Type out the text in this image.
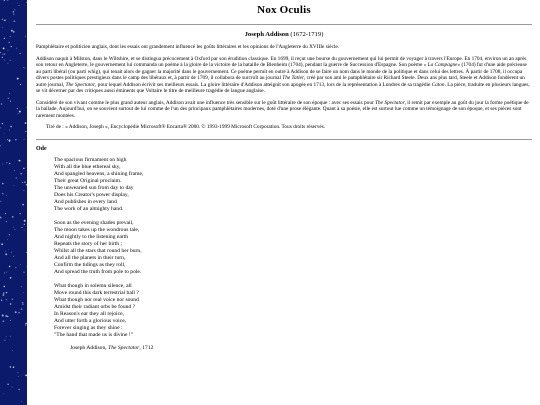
Nox Oculis
Joseph Addison (1672-1719)

Pamphlétaire et politicien anglais, dont les essais ont grandement influencé les goûts littéraires et les opinions de l'Angleterre du XVIIIe siècle.

Addison naquit à Milston, dans le Wiltshire, et se distingua précocement à Oxford par son érudition classique. En 1699, il reçut une bourse du gouvernement qui lui permit de voyager à travers l'Europe. En 1704, environ un an après son retour en Angleterre, le gouvernement lui commanda un poème à la gloire de la victoire de la bataille de Blenheim (1704), pendant la guerre de Succession d'Espagne. Son poème « La Campagne» (1704) fut d'une aide précieuse au parti libéral (ou parti whig), qui tenait alors de gagner la majorité dans le gouvernement. Ce poème permit en outre à Addison de se faire un nom dans le monde de la politique et dans celui des lettres. À partir de 1708, il occupa divers postes politiques prestigieux dans le camp des libéraux et, à partir de 1709, il collabora de surcroît au journal The Tatler, créé par son ami le pamphlétaire sir Richard Steele. Deux ans plus tard, Steele et Addison fondèrent un autre journal, The Spectator, pour lequel Addison écrivit ses meilleurs essais. La gloire littéraire d'Addison atteignit son apogée en 1713, lors de la représentation à Londres de sa tragédie Caton. La pièce, traduite en plusieurs langues, se vit décerner par des critiques aussi éminents que Voltaire le titre de meilleure tragédie de langue anglaise.

Considéré de son vivant comme le plus grand auteur anglais, Addison avait une influence très sensible sur le goût littéraire de son époque : avec ses essais pour The Spectator, il remit par exemple au goût du jour la forme poétique de la ballade. Aujourd'hui, on se souvient surtout de lui comme de l'un des principaux pamphlétaires modernes, doté d'une prose élégante. Quant à sa poésie, elle est surtout lue comme un témoignage de son époque, et ses pièces sont rarement montées.

Tiré de : « Addison, Joseph », Encyclopédie Microsoft® Encarta® 2000. © 1993-1999 Microsoft Corporation. Tous droits réservés.

Ode
The spacious firmament on high
With all the blue ethereal sky,
And spangled heavens, a shining frame,
Their great Original proclaim.
The unwearied sun from day to day
Does his Creator's power display,
And publishes in every land
The work of an almighty hand.
Soon as the evening shades prevail,
The moon takes up the wondrous tale,
And nightly to the listening earth
Repeats the story of her birth ;
Whilst all the stars that round her burn,
And all the planets in their turn,
Confirm the tidings as they roll,
And spread the truth from pole to pole.
What though in solemn silence, all
Move round this dark terrestrial ball ?
What though nor real voice nor sound
Amidst their radiant orbs be found ?
In Reason's ear they all rejoice,
And utter forth a glorious voice,
Forever singing as they shine :
"The hand that made us is divine !"
Joseph Addison, The Spectator, 1712
